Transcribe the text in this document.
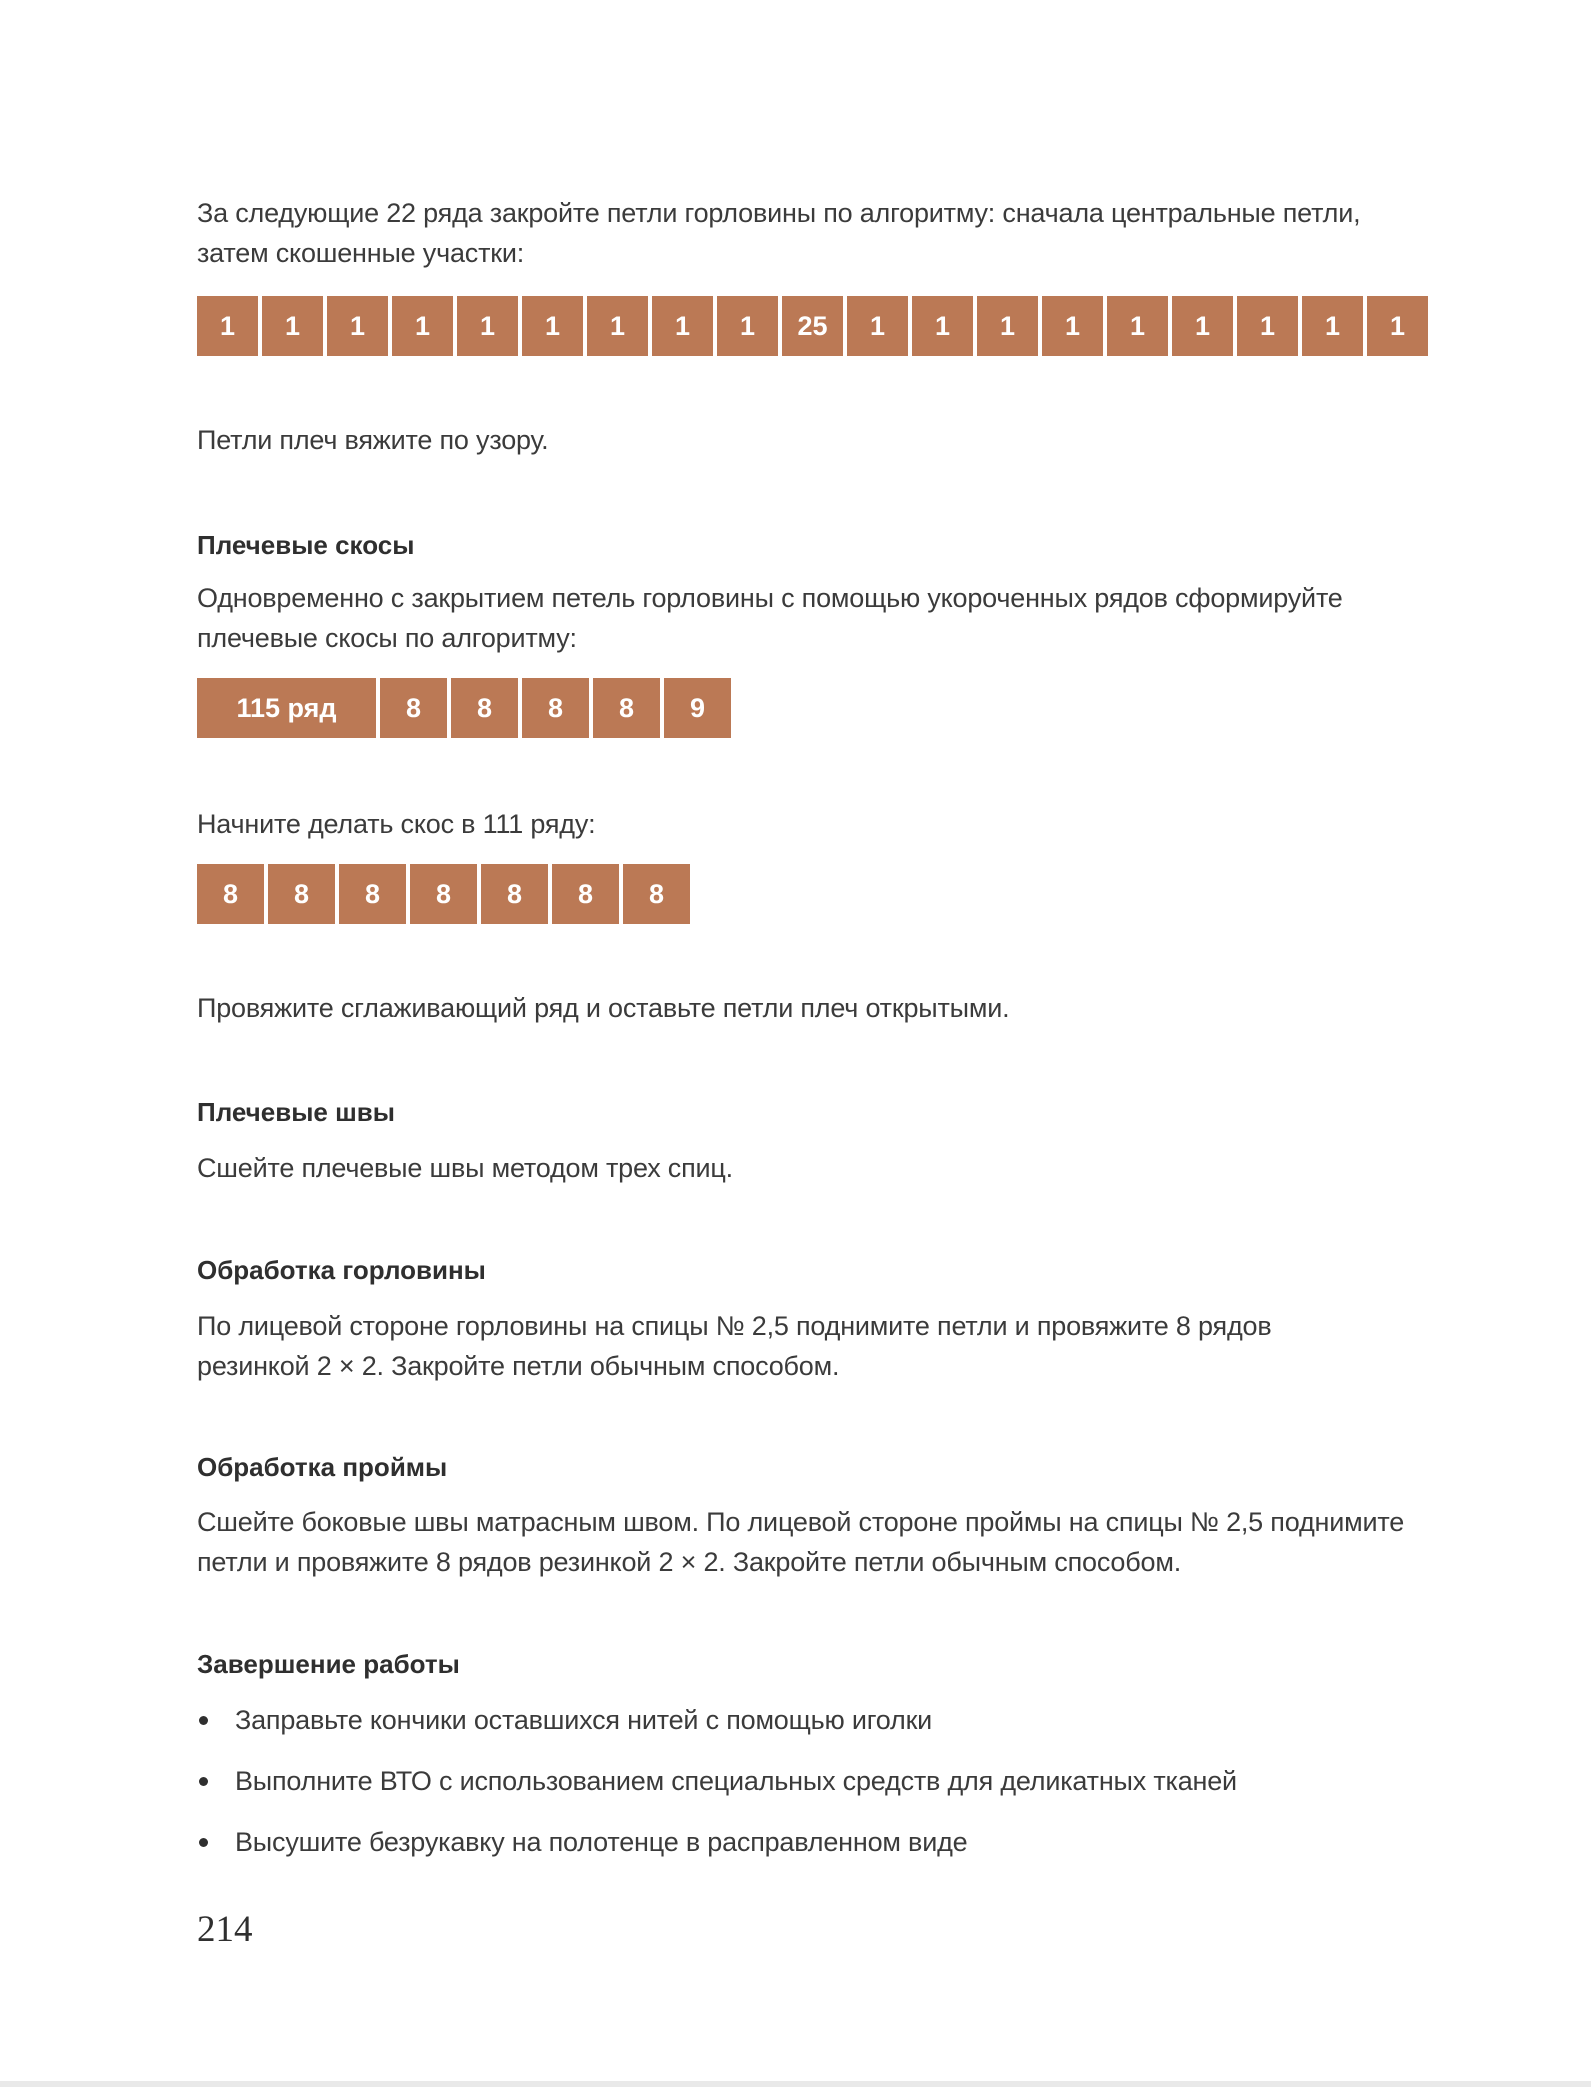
За следующие 22 ряда закройте петли горловины по алгоритму: сначала центральные петли, затем скошенные участки:

1	1	1	1	1	1	1	1	1	25	1	1	1	1	1	1	1	1	1

Петли плеч вяжите по узору.

Плечевые скосы

Одновременно с закрытием петель горловины с помощью укороченных рядов сформируйте плечевые скосы по алгоритму:

115 ряд	8	8	8	8	9

Начните делать скос в 111 ряду:

8	8	8	8	8	8	8

Провяжите сглаживающий ряд и оставьте петли плеч открытыми.

Плечевые швы

Сшейте плечевые швы методом трех спиц.

Обработка горловины

По лицевой стороне горловины на спицы № 2,5 поднимите петли и провяжите 8 рядов резинкой 2 × 2. Закройте петли обычным способом.

Обработка проймы

Сшейте боковые швы матрасным швом. По лицевой стороне проймы на спицы № 2,5 поднимите петли и провяжите 8 рядов резинкой 2 × 2. Закройте петли обычным способом.

Завершение работы
Заправьте кончики оставшихся нитей с помощью иголки
Выполните ВТО с использованием специальных средств для деликатных тканей
Высушите безрукавку на полотенце в расправленном виде
214
